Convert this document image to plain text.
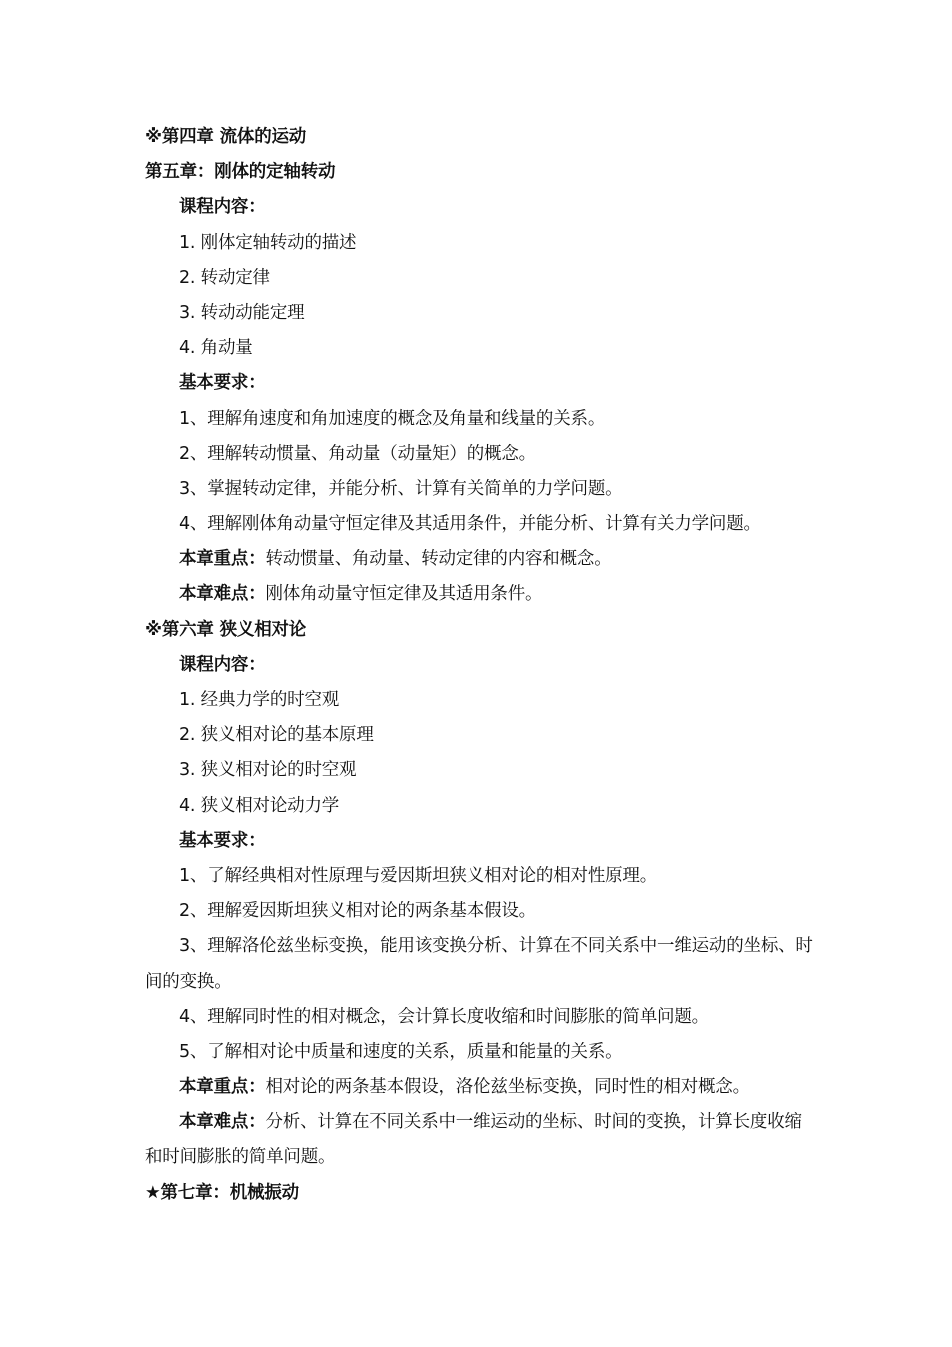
※第四章 流体的运动
第五章：刚体的定轴转动
课程内容：
1. 刚体定轴转动的描述
2. 转动定律
3. 转动动能定理
4. 角动量
基本要求：
1、理解角速度和角加速度的概念及角量和线量的关系。
2、理解转动惯量、角动量（动量矩）的概念。
3、掌握转动定律，并能分析、计算有关简单的力学问题。
4、理解刚体角动量守恒定律及其适用条件，并能分析、计算有关力学问题。
本章重点：转动惯量、角动量、转动定律的内容和概念。
本章难点：刚体角动量守恒定律及其适用条件。
※第六章 狭义相对论
课程内容：
1. 经典力学的时空观
2. 狭义相对论的基本原理
3. 狭义相对论的时空观
4. 狭义相对论动力学
基本要求：
1、了解经典相对性原理与爱因斯坦狭义相对论的相对性原理。
2、理解爱因斯坦狭义相对论的两条基本假设。
3、理解洛伦兹坐标变换，能用该变换分析、计算在不同关系中一维运动的坐标、时间的变换。
4、理解同时性的相对概念，会计算长度收缩和时间膨胀的简单问题。
5、了解相对论中质量和速度的关系，质量和能量的关系。
本章重点：相对论的两条基本假设，洛伦兹坐标变换，同时性的相对概念。
本章难点：分析、计算在不同关系中一维运动的坐标、时间的变换，计算长度收缩和时间膨胀的简单问题。
★第七章：机械振动
